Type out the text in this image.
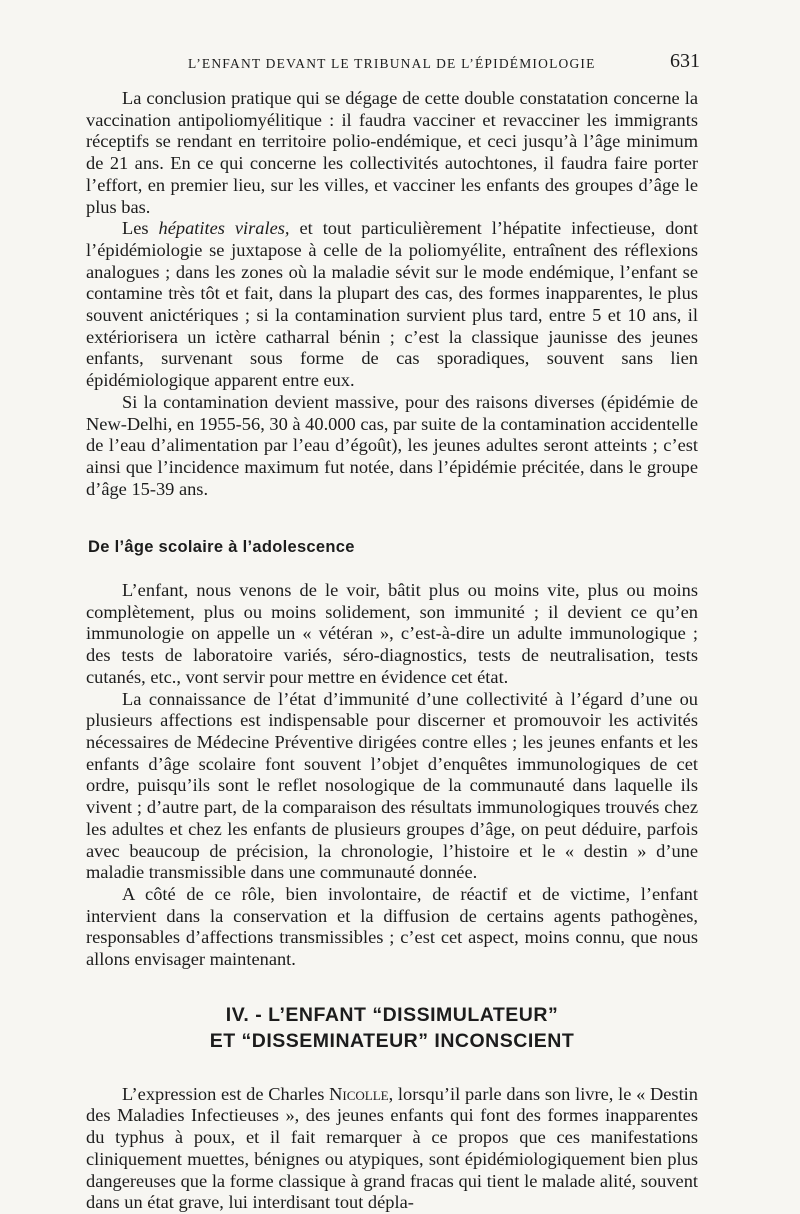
L’ENFANT DEVANT LE TRIBUNAL DE L’ÉPIDÉMIOLOGIE	631

La conclusion pratique qui se dégage de cette double constatation concerne la vaccination antipoliomyélitique : il faudra vacciner et revacciner les immigrants réceptifs se rendant en territoire polio-endémique, et ceci jusqu’à l’âge minimum de 21 ans. En ce qui concerne les collectivités autochtones, il faudra faire porter l’effort, en premier lieu, sur les villes, et vacciner les enfants des groupes d’âge le plus bas.

Les hépatites virales, et tout particulièrement l’hépatite infectieuse, dont l’épidémiologie se juxtapose à celle de la poliomyélite, entraînent des réflexions analogues ; dans les zones où la maladie sévit sur le mode endémique, l’enfant se contamine très tôt et fait, dans la plupart des cas, des formes inapparentes, le plus souvent anictériques ; si la contamination survient plus tard, entre 5 et 10 ans, il extériorisera un ictère catharral bénin ; c’est la classique jaunisse des jeunes enfants, survenant sous forme de cas sporadiques, souvent sans lien épidémiologique apparent entre eux.

Si la contamination devient massive, pour des raisons diverses (épidémie de New-Delhi, en 1955-56, 30 à 40.000 cas, par suite de la contamination accidentelle de l’eau d’alimentation par l’eau d’égoût), les jeunes adultes seront atteints ; c’est ainsi que l’incidence maximum fut notée, dans l’épidémie précitée, dans le groupe d’âge 15-39 ans.

De l’âge scolaire à l’adolescence

L’enfant, nous venons de le voir, bâtit plus ou moins vite, plus ou moins complètement, plus ou moins solidement, son immunité ; il devient ce qu’en immunologie on appelle un « vétéran », c’est-à-dire un adulte immunologique ; des tests de laboratoire variés, séro-diagnostics, tests de neutralisation, tests cutanés, etc., vont servir pour mettre en évidence cet état.

La connaissance de l’état d’immunité d’une collectivité à l’égard d’une ou plusieurs affections est indispensable pour discerner et promouvoir les activités nécessaires de Médecine Préventive dirigées contre elles ; les jeunes enfants et les enfants d’âge scolaire font souvent l’objet d’enquêtes immunologiques de cet ordre, puisqu’ils sont le reflet nosologique de la communauté dans laquelle ils vivent ; d’autre part, de la comparaison des résultats immunologiques trouvés chez les adultes et chez les enfants de plusieurs groupes d’âge, on peut déduire, parfois avec beaucoup de précision, la chronologie, l’histoire et le « destin » d’une maladie transmissible dans une communauté donnée.

A côté de ce rôle, bien involontaire, de réactif et de victime, l’enfant intervient dans la conservation et la diffusion de certains agents pathogènes, responsables d’affections transmissibles ; c’est cet aspect, moins connu, que nous allons envisager maintenant.

IV. - L’ENFANT “DISSIMULATEUR”
ET “DISSEMINATEUR” INCONSCIENT

L’expression est de Charles Nicolle, lorsqu’il parle dans son livre, le « Destin des Maladies Infectieuses », des jeunes enfants qui font des formes inapparentes du typhus à poux, et il fait remarquer à ce propos que ces manifestations cliniquement muettes, bénignes ou atypiques, sont épidémiologiquement bien plus dangereuses que la forme classique à grand fracas qui tient le malade alité, souvent dans un état grave, lui interdisant tout dépla-
